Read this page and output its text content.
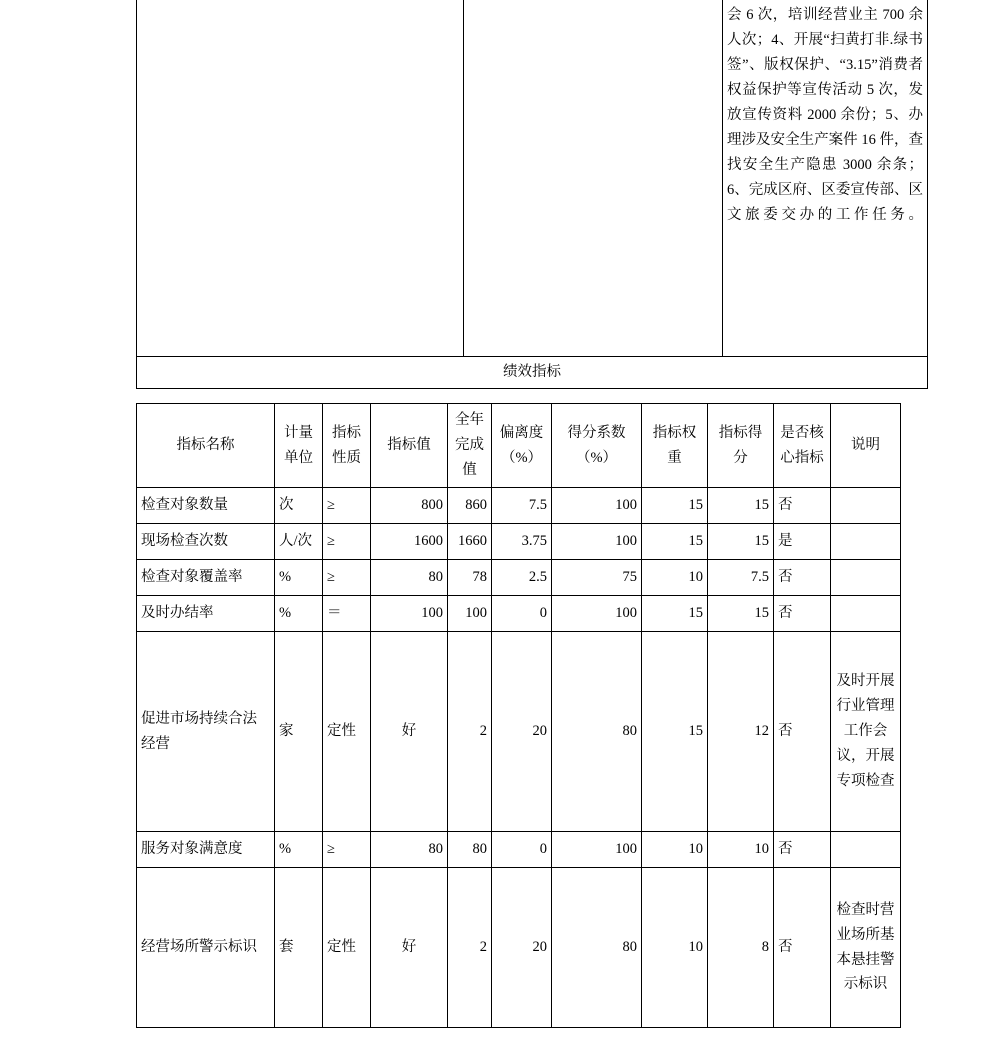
会 6 次，培训经营业主 700 余人次；4、开展“扫黄打非.绿书签”、版权保护、“3.15”消费者权益保护等宣传活动 5 次，发放宣传资料 2000 余份；5、办理涉及安全生产案件 16 件，查找安全生产隐患 3000 余条；6、完成区府、区委宣传部、区文旅委交办的工作任务。

绩效指标
指标名称	计量单位	指标性质	指标值	全年完成值	偏离度（%）	得分系数（%）	指标权重	指标得分	是否核心指标	说明
检查对象数量	次	≥	800	860	7.5	100	15	15	否	
现场检查次数	人/次	≥	1600	1660	3.75	100	15	15	是	
检查对象覆盖率	%	≥	80	78	2.5	75	10	7.5	否	
及时办结率	%	＝	100	100	0	100	15	15	否	
促进市场持续合法经营	家	定性	好	2	20	80	15	12	否	及时开展行业管理工作会议，开展专项检查
服务对象满意度	%	≥	80	80	0	100	10	10	否	
经营场所警示标识	套	定性	好	2	20	80	10	8	否	检查时营业场所基本悬挂警示标识
